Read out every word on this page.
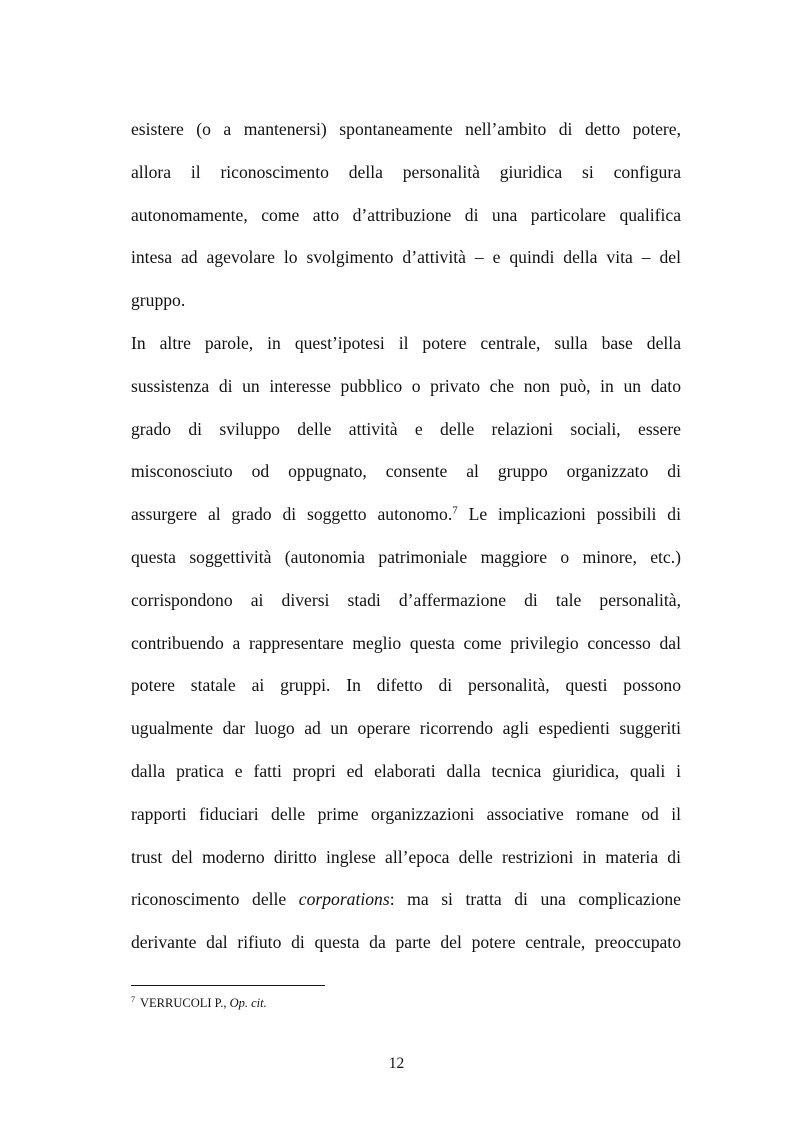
esistere (o a mantenersi) spontaneamente nell’ambito di detto potere,
allora il riconoscimento della personalità giuridica si configura
autonomamente, come atto d’attribuzione di una particolare qualifica
intesa ad agevolare lo svolgimento d’attività – e quindi della vita – del
gruppo.
In altre parole, in quest’ipotesi il potere centrale, sulla base della
sussistenza di un interesse pubblico o privato che non può, in un dato
grado di sviluppo delle attività e delle relazioni sociali, essere
misconosciuto od oppugnato, consente al gruppo organizzato di
assurgere al grado di soggetto autonomo.$^7$ Le implicazioni possibili di
questa soggettività (autonomia patrimoniale maggiore o minore, etc.)
corrispondono ai diversi stadi d’affermazione di tale personalità,
contribuendo a rappresentare meglio questa come privilegio concesso dal
potere statale ai gruppi. In difetto di personalità, questi possono
ugualmente dar luogo ad un operare ricorrendo agli espedienti suggeriti
dalla pratica e fatti propri ed elaborati dalla tecnica giuridica, quali i
rapporti fiduciari delle prime organizzazioni associative romane od il
trust del moderno diritto inglese all’epoca delle restrizioni in materia di
riconoscimento delle corporations: ma si tratta di una complicazione
derivante dal rifiuto di questa da parte del potere centrale, preoccupato
$^7$ VERRUCOLI P., Op. cit.
12
